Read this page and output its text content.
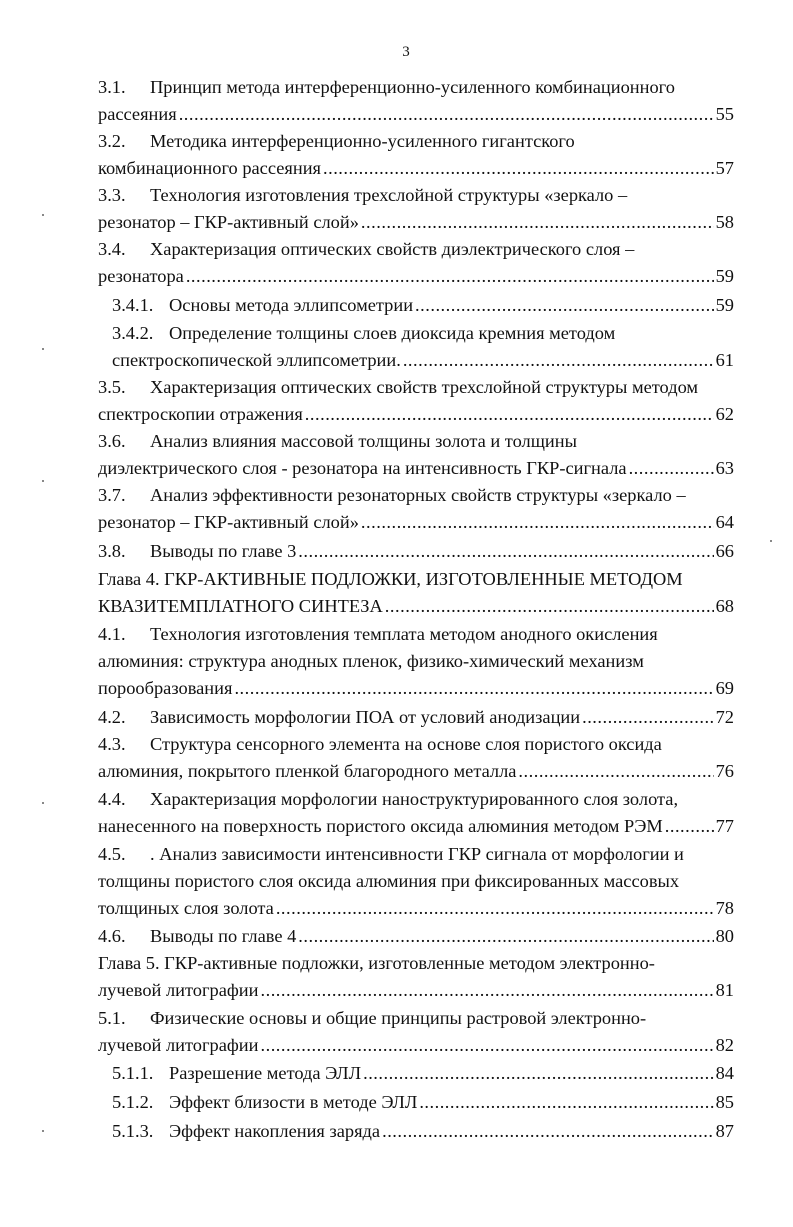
3
3.1. Принцип метода интерференционно-усиленного комбинационного
рассеяния .....	55
3.2. Методика интерференционно-усиленного гигантского
комбинационного рассеяния .....	57
3.3. Технология изготовления трехслойной структуры «зеркало –
резонатор – ГКР-активный слой» .....	58
3.4. Характеризация оптических свойств диэлектрического слоя –
резонатора .....	59
3.4.1. Основы метода эллипсометрии .....	59
3.4.2. Определение толщины слоев диоксида кремния методом
спектроскопической эллипсометрии. .....	61
3.5. Характеризация оптических свойств трехслойной структуры методом
спектроскопии отражения .....	62
3.6. Анализ влияния массовой толщины золота и толщины
диэлектрического слоя - резонатора на интенсивность ГКР-сигнала .....	63
3.7. Анализ эффективности резонаторных свойств структуры «зеркало –
резонатор – ГКР-активный слой» .....	64
3.8. Выводы по главе 3 .....	66
Глава 4. ГКР-АКТИВНЫЕ ПОДЛОЖКИ, ИЗГОТОВЛЕННЫЕ МЕТОДОМ
КВАЗИТЕМПЛАТНОГО СИНТЕЗА .....	68
4.1. Технология изготовления темплата методом анодного окисления
алюминия: структура анодных пленок, физико-химический механизм
порообразования .....	69
4.2. Зависимость морфологии ПОА от условий анодизации .....	72
4.3. Структура сенсорного элемента на основе слоя пористого оксида
алюминия, покрытого пленкой благородного металла .....	76
4.4. Характеризация морфологии наноструктурированного слоя золота,
нанесенного на поверхность пористого оксида алюминия методом РЭМ .....	77
4.5. . Анализ зависимости интенсивности ГКР сигнала от морфологии и
толщины пористого слоя оксида алюминия при фиксированных массовых
толщиных слоя золота .....	78
4.6. Выводы по главе 4 .....	80
Глава 5. ГКР-активные подложки, изготовленные методом электронно-
лучевой литографии .....	81
5.1. Физические основы и общие принципы растровой электронно-
лучевой литографии .....	82
5.1.1. Разрешение метода ЭЛЛ .....	84
5.1.2. Эффект близости в методе ЭЛЛ .....	85
5.1.3. Эффект накопления заряда .....	87
